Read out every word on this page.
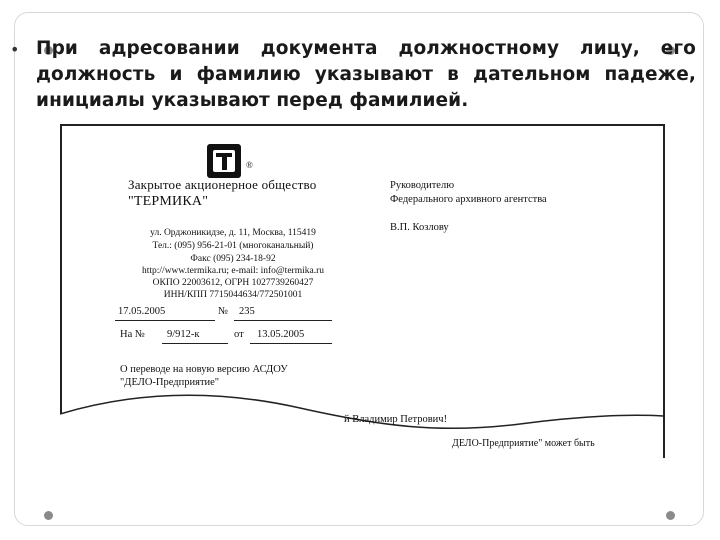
• При адресовании документа должностному лицу, его должность и фамилию указывают в дательном падеже, инициалы указывают перед фамилией.
®
Закрытое акционерное общество
"ТЕРМИКА"
ул. Орджоникидзе, д. 11, Москва, 115419
Тел.: (095) 956-21-01 (многоканальный)
Факс (095) 234-18-92
http://www.termika.ru; e-mail: info@termika.ru
ОКПО 22003612, ОГРН 1027739260427
ИНН/КПП 7715044634/772501001
17.05.2005	№ 235
На № 9/912-к	от 13.05.2005
О переводе на новую версию АСДОУ
"ДЕЛО-Предприятие"
Руководителю
Федерального архивного агентства
В.П. Козлову
й Владимир Петрович!
ДЕЛО-Предприятие" может быть
